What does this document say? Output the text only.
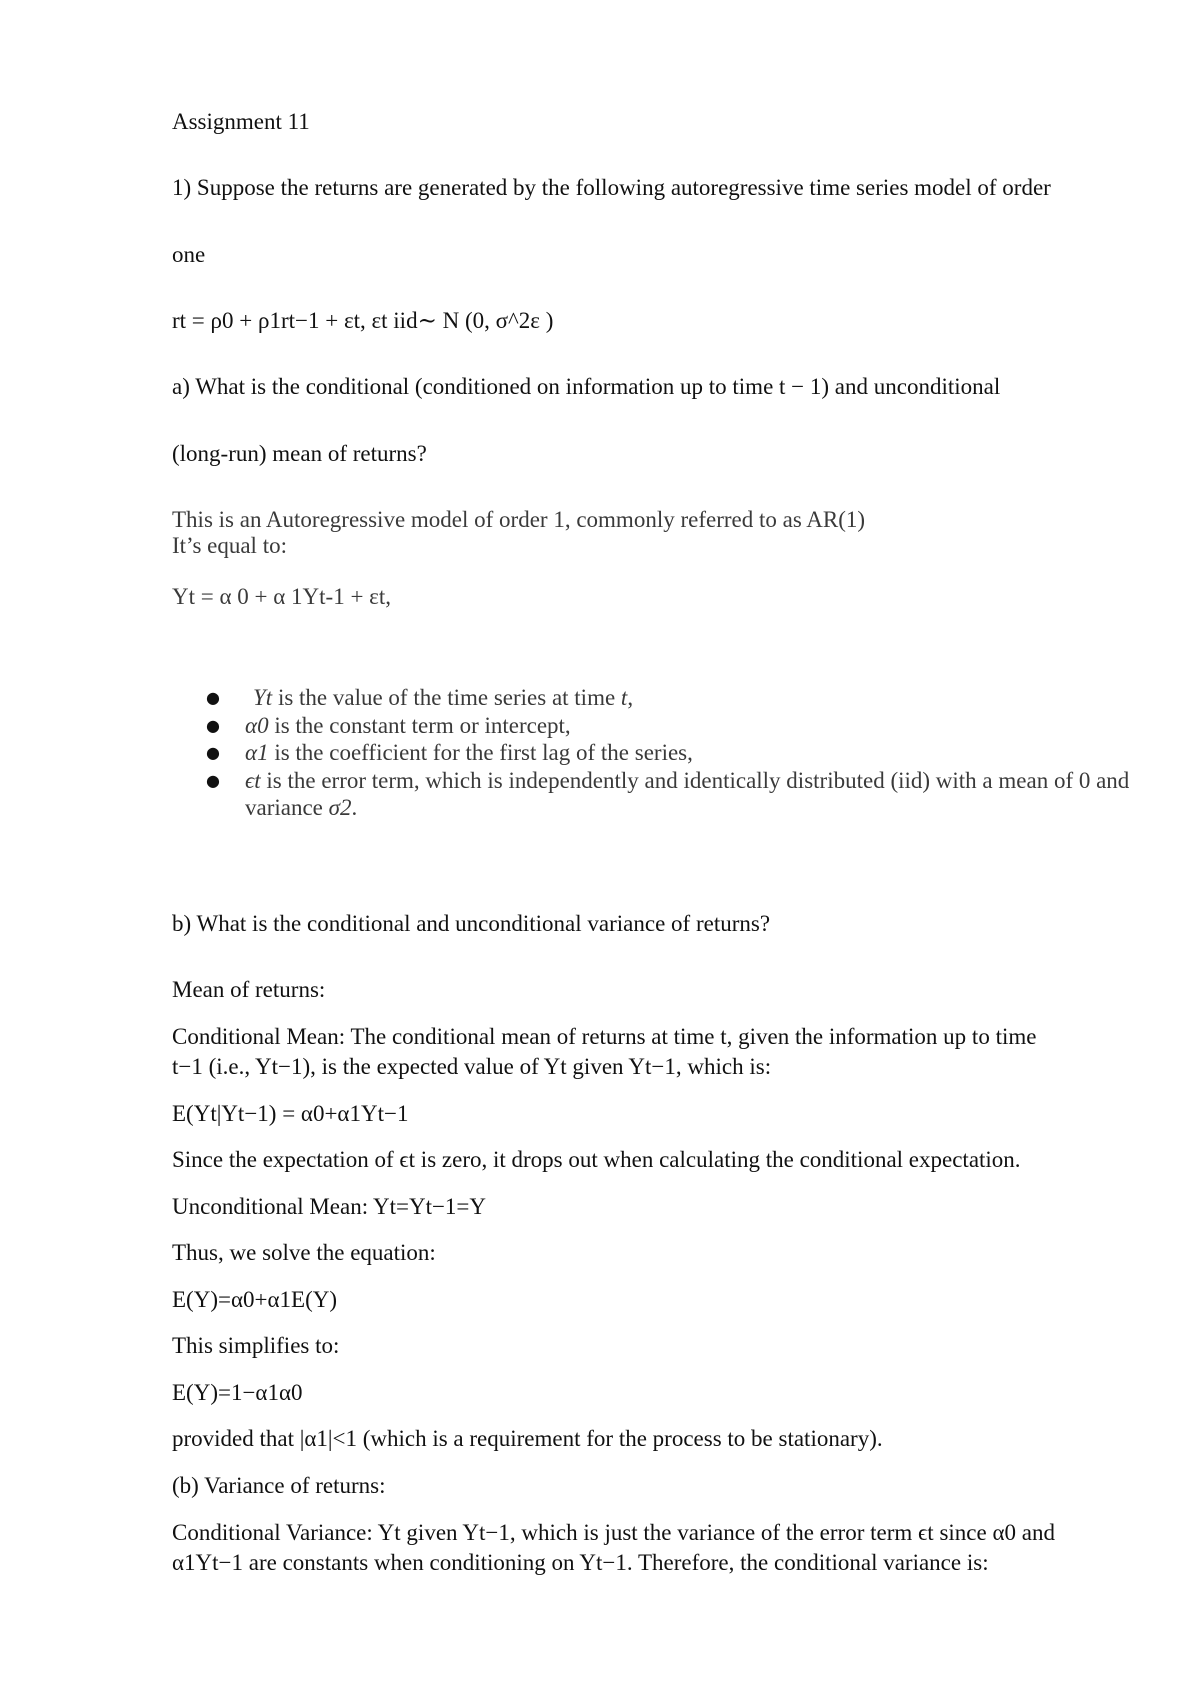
Assignment 11
1) Suppose the returns are generated by the following autoregressive time series model of order
one
rt = ρ0 + ρ1rt−1 + εt, εt iid∼ N (0, σ^2ε )
a) What is the conditional (conditioned on information up to time t − 1) and unconditional
(long-run) mean of returns?
This is an Autoregressive model of order 1, commonly referred to as AR(1)
It’s equal to:
Yt = α 0 + α 1Yt-1 + εt,
● Yt is the value of the time series at time t,
● α0 is the constant term or intercept,
● α1 is the coefficient for the first lag of the series,
● ϵt is the error term, which is independently and identically distributed (iid) with a mean of 0 and variance σ2.
b) What is the conditional and unconditional variance of returns?
Mean of returns:
Conditional Mean: The conditional mean of returns at time t, given the information up to time
t−1 (i.e., Yt−1), is the expected value of Yt given Yt−1, which is:
E(Yt|Yt−1) = α0+α1Yt−1
Since the expectation of ϵt is zero, it drops out when calculating the conditional expectation.
Unconditional Mean: Yt=Yt−1=Y
Thus, we solve the equation:
E(Y)=α0+α1E(Y)
This simplifies to:
E(Y)=1−α1α0
provided that |α1|<1 (which is a requirement for the process to be stationary).
(b) Variance of returns:
Conditional Variance: Yt given Yt−1, which is just the variance of the error term ϵt since α0 and
α1Yt−1 are constants when conditioning on Yt−1. Therefore, the conditional variance is:
